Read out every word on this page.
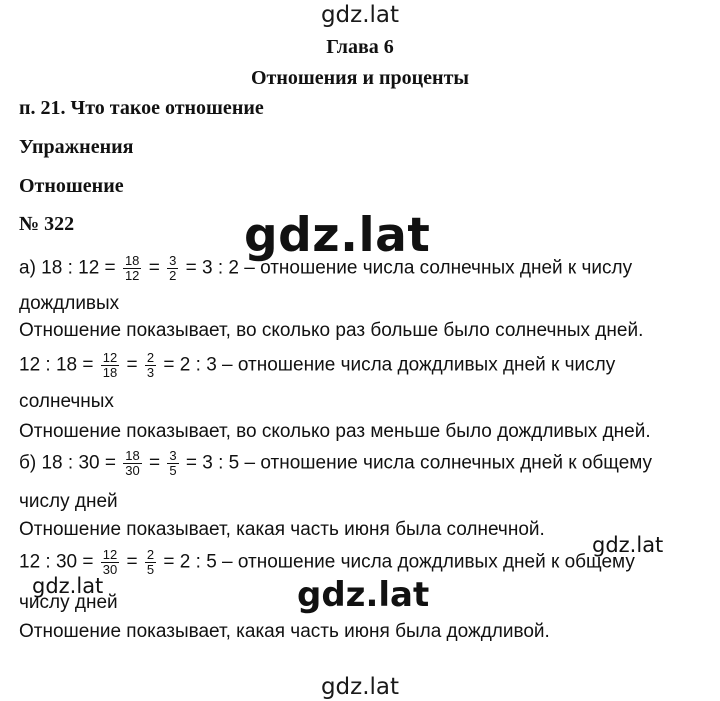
gdz.lat
Глава 6
Отношения и проценты
п. 21. Что такое отношение
Упражнения
Отношение
№ 322	gdz.lat
а) 18 : $12 = \frac{18}{12} = \frac{3}{2} = 3$ : 2 – отношение числа солнечных дней к числу
дождливых
Отношение показывает, во сколько раз больше было солнечных дней.
12 : $18 = \frac{12}{18} = \frac{2}{3} = 2$ : 3 – отношение числа дождливых дней к числу
солнечных
Отношение показывает, во сколько раз меньше было дождливых дней.
б) 18 : $30 = \frac{18}{30} = \frac{3}{5} = 3$ : 5 – отношение числа солнечных дней к общему
числу дней
Отношение показывает, какая часть июня была солнечной.
gdz.lat
12 : $30 = \frac{12}{30} = \frac{2}{5} = 2$ : 5 – отношение числа дождливых дней к общему
числу дней
gdz.lat	gdz.lat
Отношение показывает, какая часть июня была дождливой.
gdz.lat
